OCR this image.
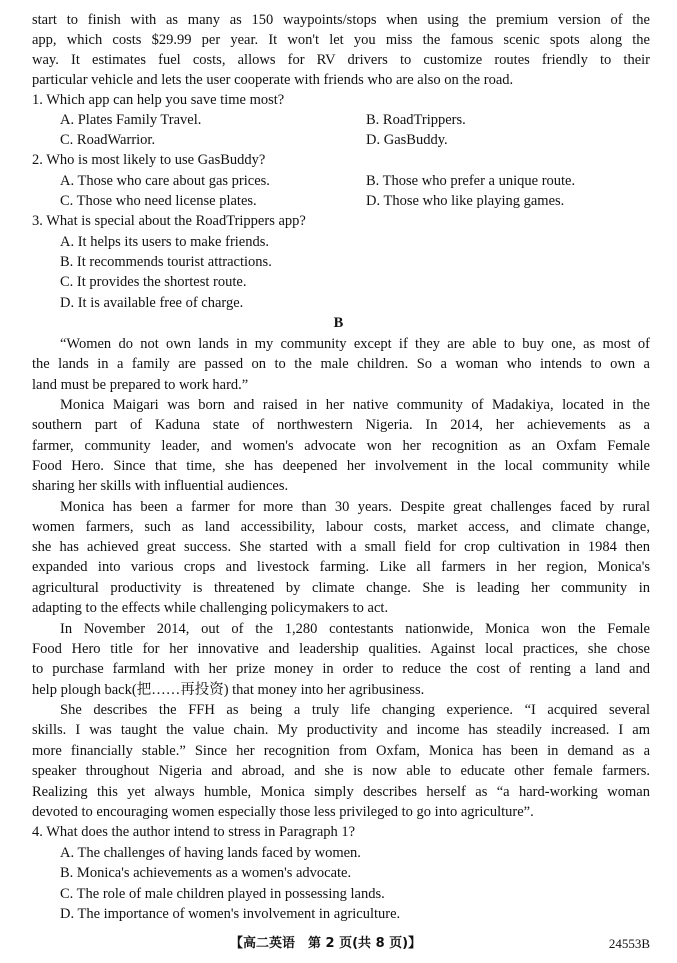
start to finish with as many as 150 waypoints/stops when using the premium version of the
app, which costs $29.99 per year. It won't let you miss the famous scenic spots along the
way. It estimates fuel costs, allows for RV drivers to customize routes friendly to their
particular vehicle and lets the user cooperate with friends who are also on the road.
1. Which app can help you save time most?
A. Plates Family Travel.	B. RoadTrippers.
C. RoadWarrior.	D. GasBuddy.
2. Who is most likely to use GasBuddy?
A. Those who care about gas prices.	B. Those who prefer a unique route.
C. Those who need license plates.	D. Those who like playing games.
3. What is special about the RoadTrippers app?
A. It helps its users to make friends.
B. It recommends tourist attractions.
C. It provides the shortest route.
D. It is available free of charge.
B
“Women do not own lands in my community except if they are able to buy one, as most of
the lands in a family are passed on to the male children. So a woman who intends to own a
land must be prepared to work hard.”
Monica Maigari was born and raised in her native community of Madakiya, located in the
southern part of Kaduna state of northwestern Nigeria. In 2014, her achievements as a
farmer, community leader, and women's advocate won her recognition as an Oxfam Female
Food Hero. Since that time, she has deepened her involvement in the local community while
sharing her skills with influential audiences.
Monica has been a farmer for more than 30 years. Despite great challenges faced by rural
women farmers, such as land accessibility, labour costs, market access, and climate change,
she has achieved great success. She started with a small field for crop cultivation in 1984 then
expanded into various crops and livestock farming. Like all farmers in her region, Monica's
agricultural productivity is threatened by climate change. She is leading her community in
adapting to the effects while challenging policymakers to act.
In November 2014, out of the 1,280 contestants nationwide, Monica won the Female
Food Hero title for her innovative and leadership qualities. Against local practices, she chose
to purchase farmland with her prize money in order to reduce the cost of renting a land and
help plough back(把……再投资) that money into her agribusiness.
She describes the FFH as being a truly life changing experience. “I acquired several
skills. I was taught the value chain. My productivity and income has steadily increased. I am
more financially stable.” Since her recognition from Oxfam, Monica has been in demand as a
speaker throughout Nigeria and abroad, and she is now able to educate other female farmers.
Realizing this yet always humble, Monica simply describes herself as “a hard-working woman
devoted to encouraging women especially those less privileged to go into agriculture”.
4. What does the author intend to stress in Paragraph 1?
A. The challenges of having lands faced by women.
B. Monica's achievements as a women's advocate.
C. The role of male children played in possessing lands.
D. The importance of women's involvement in agriculture.
【高二英语　第 2 页(共 8 页)】	24553B
